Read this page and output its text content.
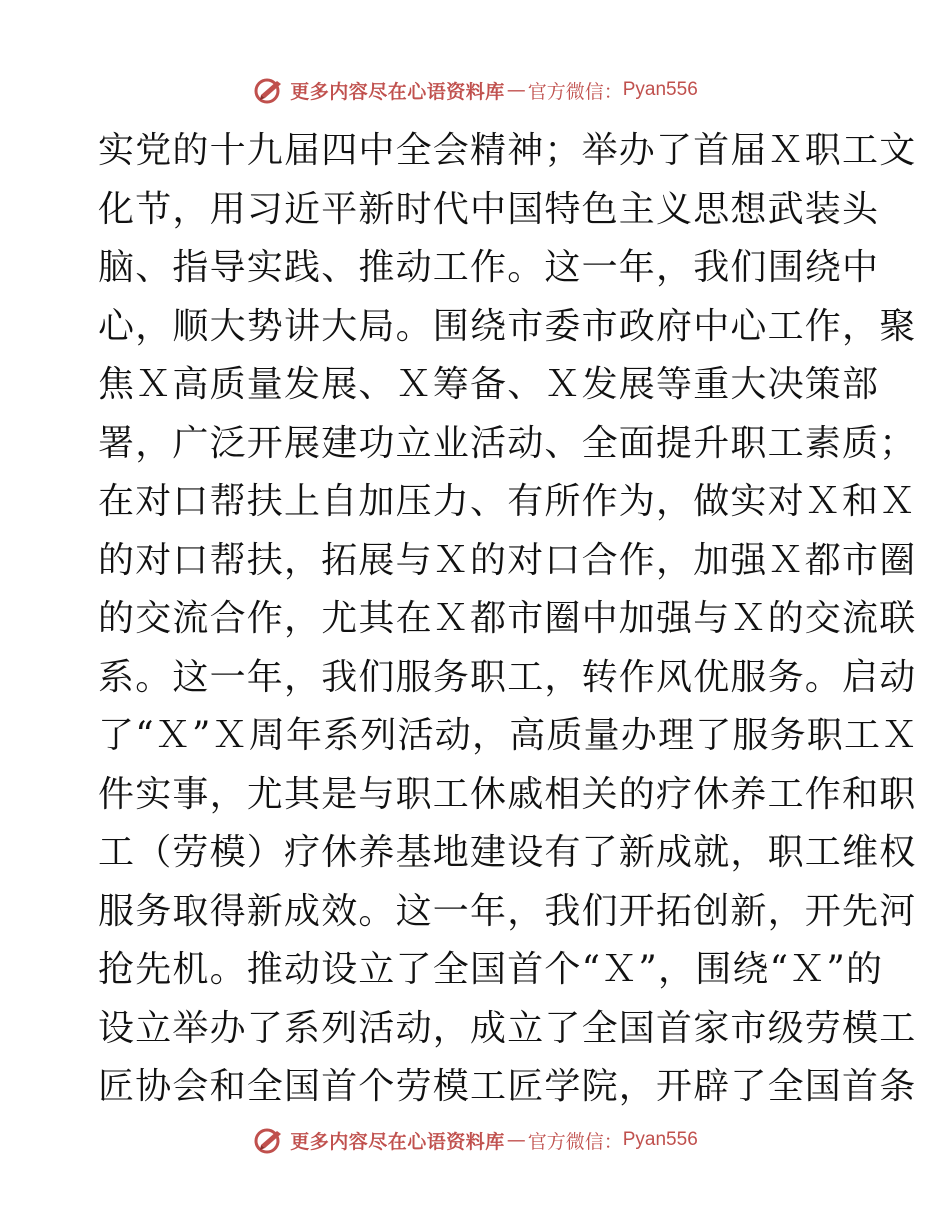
更多内容尽在心语资料库 — 官方微信： Pyan556
实党的十九届四中全会精神；举办了首届Ｘ职工文
化节，用习近平新时代中国特色主义思想武装头
脑、指导实践、推动工作。这一年，我们围绕中
心，顺大势讲大局。围绕市委市政府中心工作，聚
焦Ｘ高质量发展、Ｘ筹备、Ｘ发展等重大决策部
署，广泛开展建功立业活动、全面提升职工素质；
在对口帮扶上自加压力、有所作为，做实对Ｘ和Ｘ
的对口帮扶，拓展与Ｘ的对口合作，加强Ｘ都市圈
的交流合作，尤其在Ｘ都市圈中加强与Ｘ的交流联
系。这一年，我们服务职工，转作风优服务。启动
了“Ｘ”Ｘ周年系列活动，高质量办理了服务职工Ｘ
件实事，尤其是与职工休戚相关的疗休养工作和职
工（劳模）疗休养基地建设有了新成就，职工维权
服务取得新成效。这一年，我们开拓创新，开先河
抢先机。推动设立了全国首个“Ｘ”，围绕“Ｘ”的
设立举办了系列活动，成立了全国首家市级劳模工
匠协会和全国首个劳模工匠学院，开辟了全国首条
更多内容尽在心语资料库 — 官方微信： Pyan556
